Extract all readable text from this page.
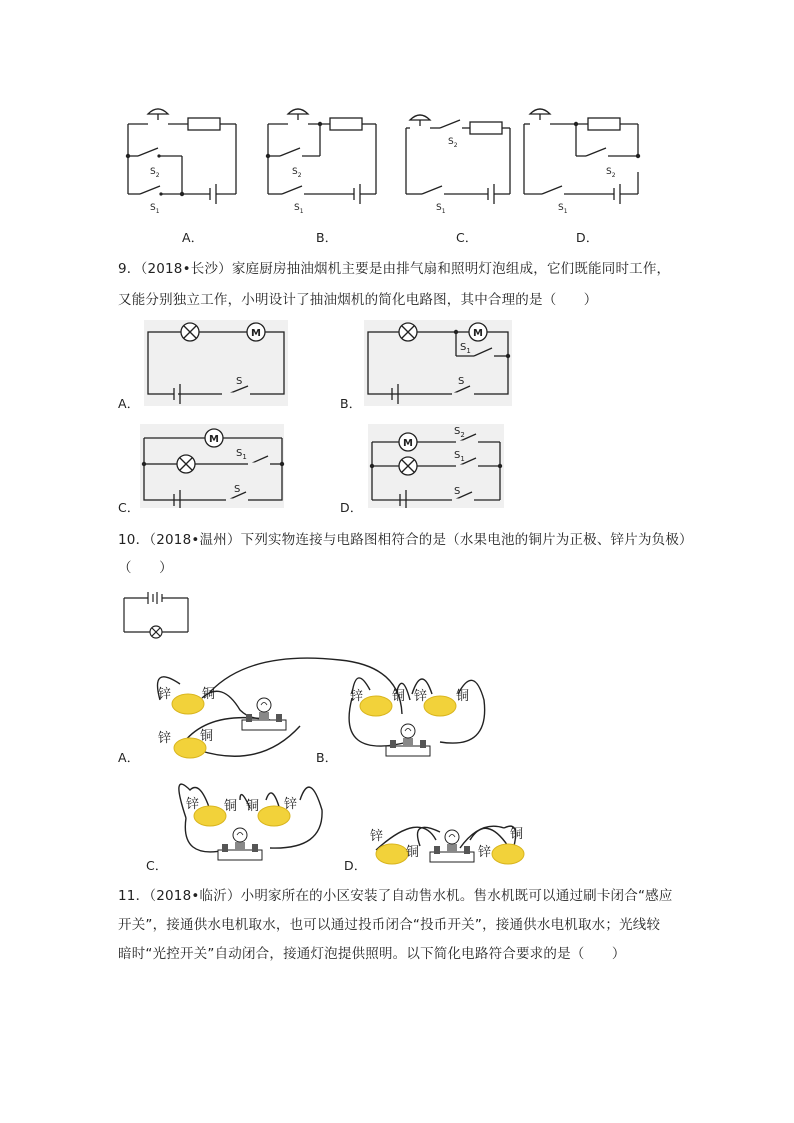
$S_2$
$S_1$
$S_2$
$S_1$
$S_2$
$S_1$
$S_2$
$S_1$
A．	B．	C．	D．
9．（2018•长沙）家庭厨房抽油烟机主要是由排气扇和照明灯泡组成，它们既能同时工作，
又能分别独立工作，小明设计了抽油烟机的简化电路图，其中合理的是（　　）
M	M
M	M
S	S
$S_1$
$S_1$
S
$S_2$
$S_1$
S
A．	B．
C．	D．
10．（2018•温州）下列实物连接与电路图相符合的是（水果电池的铜片为正极、锌片为负极）
（　　）
锌 铜
锌 铜
锌 铜 锌 铜
锌 铜 铜 锌
锌
铜	锌
铜
A．	B．
C．	D．
11．（2018•临沂）小明家所在的小区安装了自动售水机。售水机既可以通过刷卡闭合“感应
开关”，接通供水电机取水，也可以通过投币闭合“投币开关”，接通供水电机取水；光线较
暗时“光控开关”自动闭合，接通灯泡提供照明。以下简化电路符合要求的是（　　）
